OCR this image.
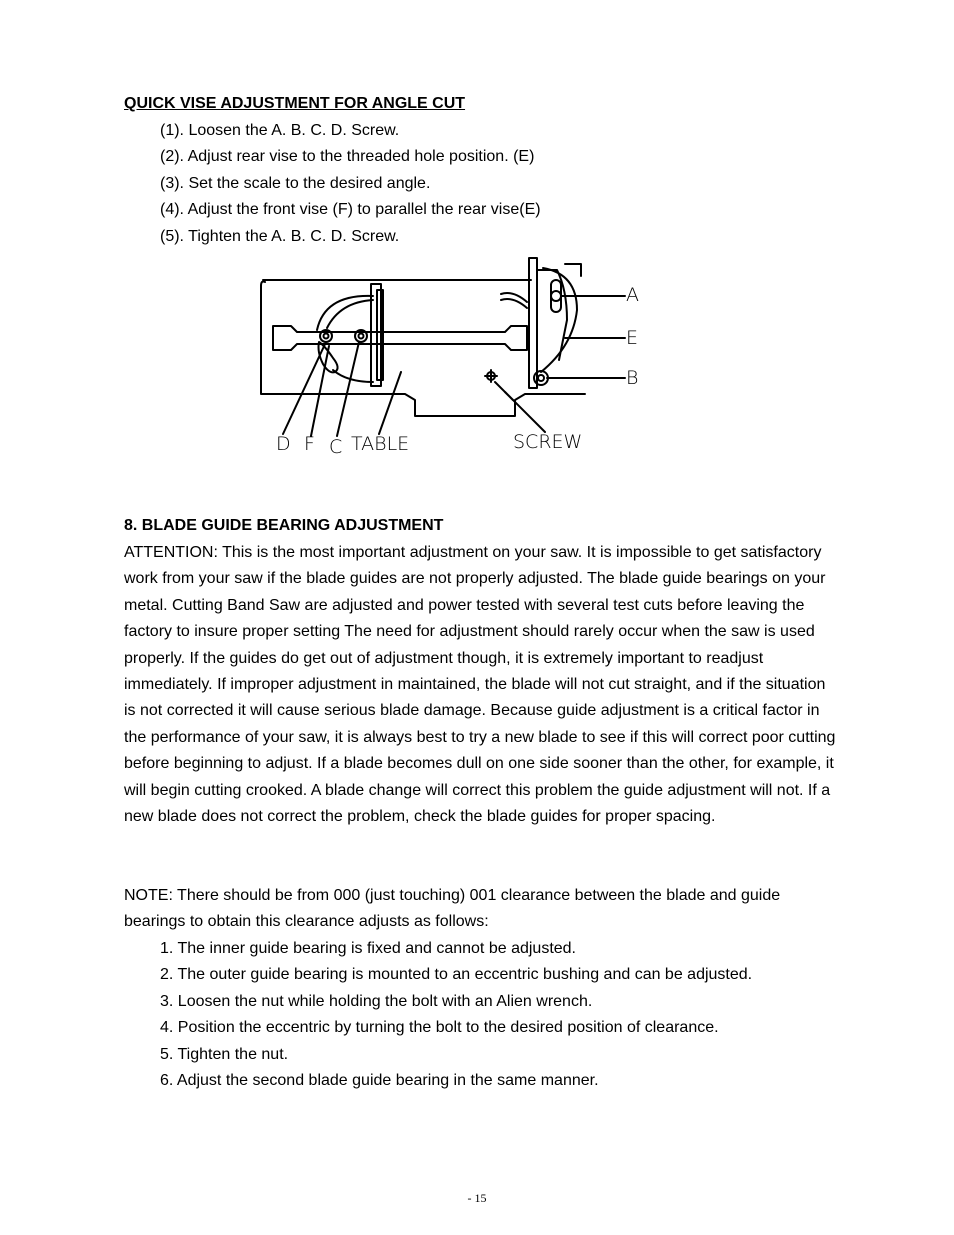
QUICK VISE ADJUSTMENT FOR ANGLE CUT
(1). Loosen the A. B. C. D. Screw.
(2). Adjust rear vise to the threaded hole position. (E)
(3). Set the scale to the desired angle.
(4). Adjust the front vise (F) to parallel the rear vise(E)
(5). Tighten the A. B. C. D. Screw.
A
E
B
D F C TABLE	SCREW
8. BLADE GUIDE BEARING ADJUSTMENT

ATTENTION: This is the most important adjustment on your saw. It is impossible to get satisfactory work from your saw if the blade guides are not properly adjusted. The blade guide bearings on your metal. Cutting Band Saw are adjusted and power tested with several test cuts before leaving the factory to insure proper setting The need for adjustment should rarely occur when the saw is used properly. If the guides do get out of adjustment though, it is extremely important to readjust immediately. If improper adjustment in maintained, the blade will not cut straight, and if the situation is not corrected it will cause serious blade damage. Because guide adjustment is a critical factor in the performance of your saw, it is always best to try a new blade to see if this will correct poor cutting before beginning to adjust. If a blade becomes dull on one side sooner than the other, for example, it will begin cutting crooked. A blade change will correct this problem the guide adjustment will not. If a new blade does not correct the problem, check the blade guides for proper spacing.

NOTE: There should be from 000 (just touching) 001 clearance between the blade and guide bearings to obtain this clearance adjusts as follows:

1. The inner guide bearing is fixed and cannot be adjusted.
2. The outer guide bearing is mounted to an eccentric bushing and can be adjusted.
3. Loosen the nut while holding the bolt with an Alien wrench.
4. Position the eccentric by turning the bolt to the desired position of clearance.
5. Tighten the nut.
6. Adjust the second blade guide bearing in the same manner.
- 15
